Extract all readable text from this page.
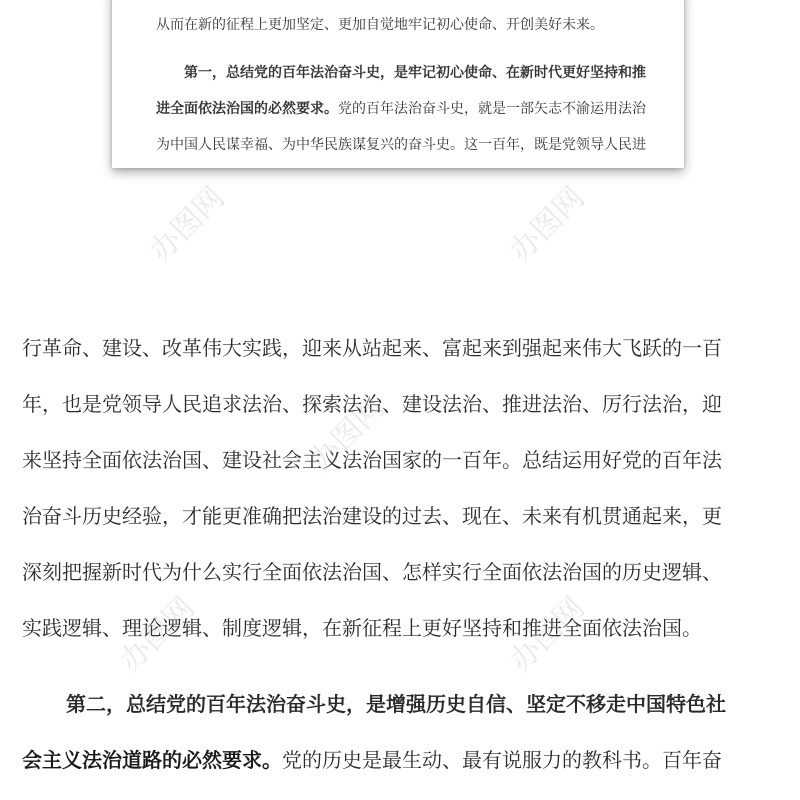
从而在新的征程上更加坚定、更加自觉地牢记初心使命、开创美好未来。
第一，总结党的百年法治奋斗史，是牢记初心使命、在新时代更好坚持和推
进全面依法治国的必然要求。党的百年法治奋斗史，就是一部矢志不渝运用法治
为中国人民谋幸福、为中华民族谋复兴的奋斗史。这一百年，既是党领导人民进
行革命、建设、改革伟大实践，迎来从站起来、富起来到强起来伟大飞跃的一百
年，也是党领导人民追求法治、探索法治、建设法治、推进法治、厉行法治，迎
来坚持全面依法治国、建设社会主义法治国家的一百年。总结运用好党的百年法
治奋斗历史经验，才能更准确把法治建设的过去、现在、未来有机贯通起来，更
深刻把握新时代为什么实行全面依法治国、怎样实行全面依法治国的历史逻辑、
实践逻辑、理论逻辑、制度逻辑，在新征程上更好坚持和推进全面依法治国。
第二，总结党的百年法治奋斗史，是增强历史自信、坚定不移走中国特色社
会主义法治道路的必然要求。党的历史是最生动、最有说服力的教科书。百年奋
办图网	办图网
办图网
办图网	办图网
